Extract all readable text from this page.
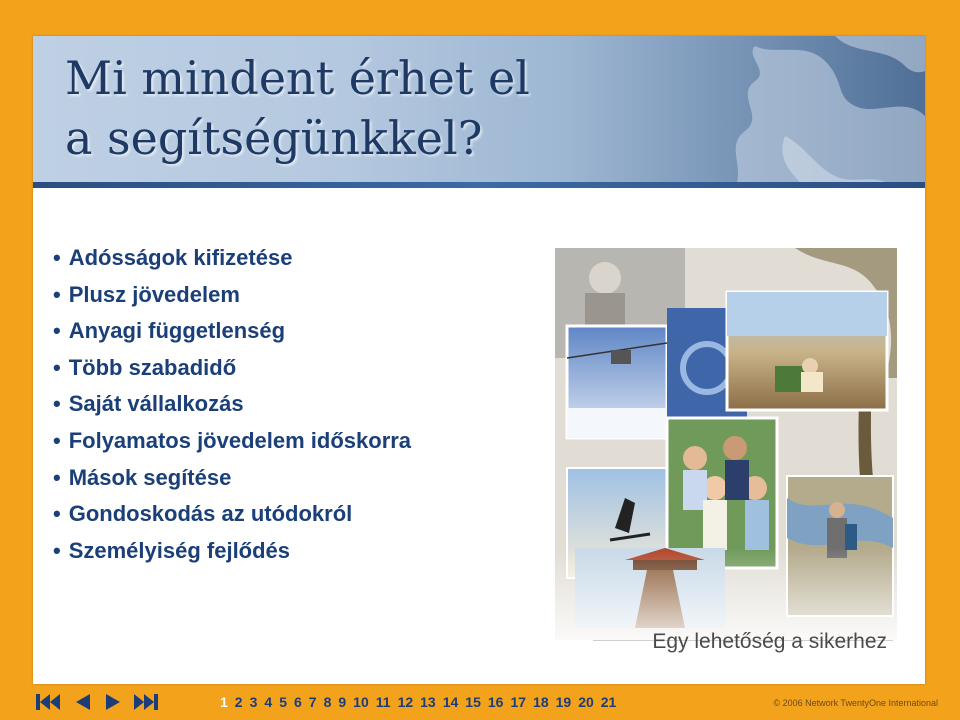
Mi mindent érhet el
a segítségünkkel?
• Adósságok kifizetése
• Plusz jövedelem
• Anyagi függetlenség
• Több szabadidő
• Saját vállalkozás
• Folyamatos jövedelem időskorra
• Mások segítése
• Gondoskodás az utódokról
• Személyiség fejlődés

Egy lehetőség a sikerhez

1 2 3 4 5 6 7 8 9 10 11 12 13 14 15 16 17 18 19 20 21	© 2006 Network TwentyOne International
